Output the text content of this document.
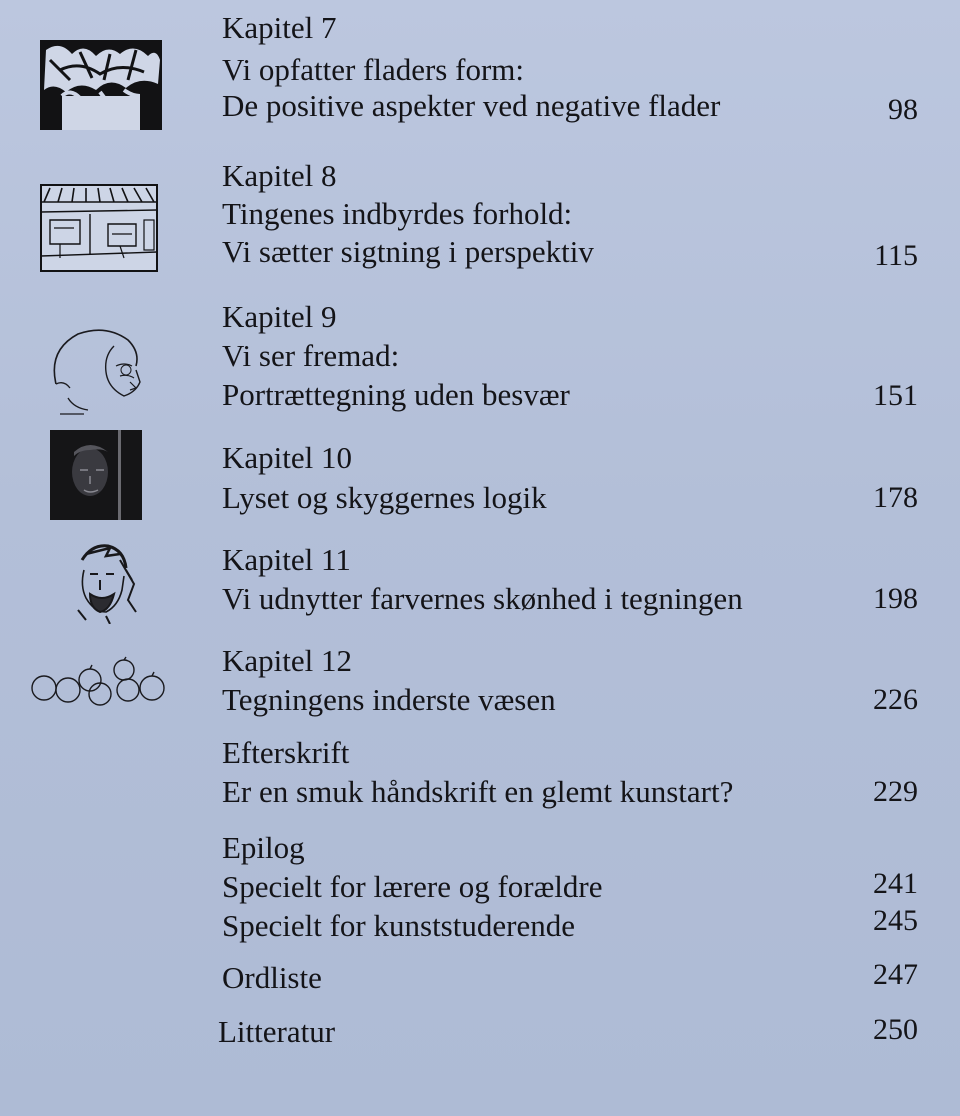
Kapitel 7
Vi opfatter fladers form:
De positive aspekter ved negative flader	98
Kapitel 8
Tingenes indbyrdes forhold:
Vi sætter sigtning i perspektiv	115
Kapitel 9
Vi ser fremad:
Portrættegning uden besvær	151
Kapitel 10
Lyset og skyggernes logik	178
Kapitel 11
Vi udnytter farvernes skønhed i tegningen	198
Kapitel 12
Tegningens inderste væsen	226
Efterskrift
Er en smuk håndskrift en glemt kunstart?	229
Epilog
Specielt for lærere og forældre	241
Specielt for kunststuderende	245
Ordliste	247
Litteratur	250
